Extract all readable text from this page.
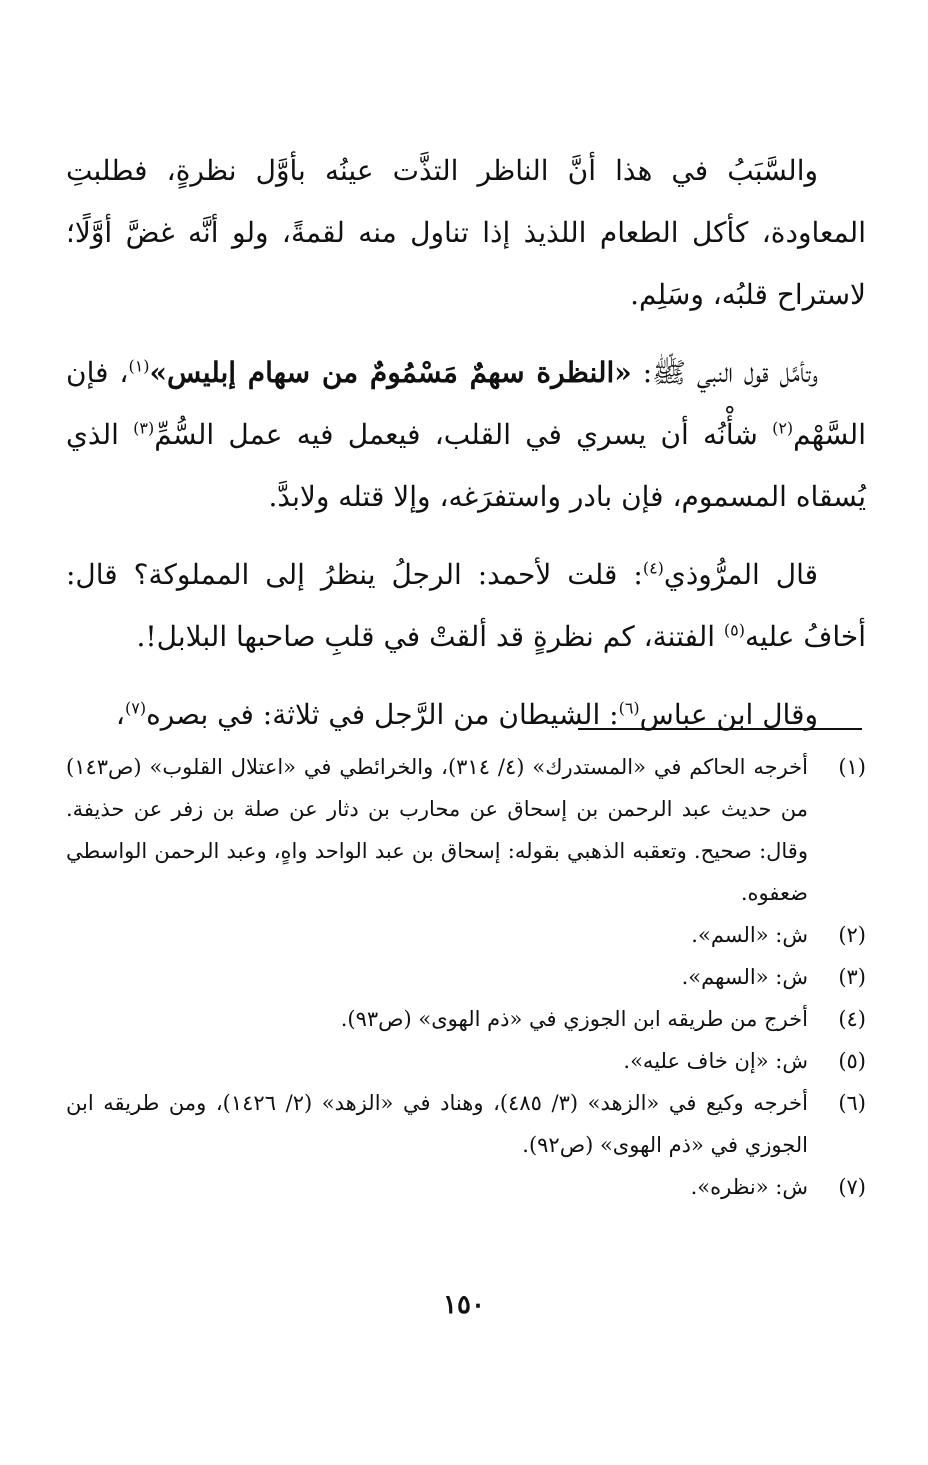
والسَّبَبُ في هذا أنَّ الناظر التذَّت عينُه بأوَّل نظرةٍ، فطلبتِ المعاودة، كأكل الطعام اللذيذ إذا تناول منه لقمةً، ولو أنَّه غضَّ أوَّلًا؛ لاستراح قلبُه، وسَلِم.

وتأمَّل قول النبي ﷺ: «النظرة سهمٌ مَسْمُومٌ من سهام إبليس»$^{(١)}$، فإن السَّهْم$^{(٢)}$ شأْنُه أن يسري في القلب، فيعمل فيه عمل السُّمِّ$^{(٣)}$ الذي يُسقاه المسموم، فإن بادر واستفرَغه، وإلا قتله ولابدَّ.

قال المرُّوذي$^{(٤)}$: قلت لأحمد: الرجلُ ينظرُ إلى المملوكة؟ قال: أخافُ عليه$^{(٥)}$ الفتنة، كم نظرةٍ قد ألقتْ في قلبِ صاحبها البلابل!.

وقال ابن عباس$^{(٦)}$: الشيطان من الرَّجل في ثلاثة: في بصره$^{(٧)}$،

(١)
أخرجه الحاكم في «المستدرك» (٤/ ٣١٤)، والخرائطي في «اعتلال القلوب» (ص١٤٣) من حديث عبد الرحمن بن إسحاق عن محارب بن دثار عن صلة بن زفر عن حذيفة. وقال: صحيح. وتعقبه الذهبي بقوله: إسحاق بن عبد الواحد واهٍ، وعبد الرحمن الواسطي ضعفوه.
(٢)
ش: «السم».
(٣)
ش: «السهم».
(٤)
أخرج من طريقه ابن الجوزي في «ذم الهوى» (ص٩٣).
(٥)
ش: «إن خاف عليه».
(٦)
أخرجه وكيع في «الزهد» (٣/ ٤٨٥)، وهناد في «الزهد» (٢/ ١٤٢٦)، ومن طريقه ابن الجوزي في «ذم الهوى» (ص٩٢).
(٧)
ش: «نظره».
١٥٠
